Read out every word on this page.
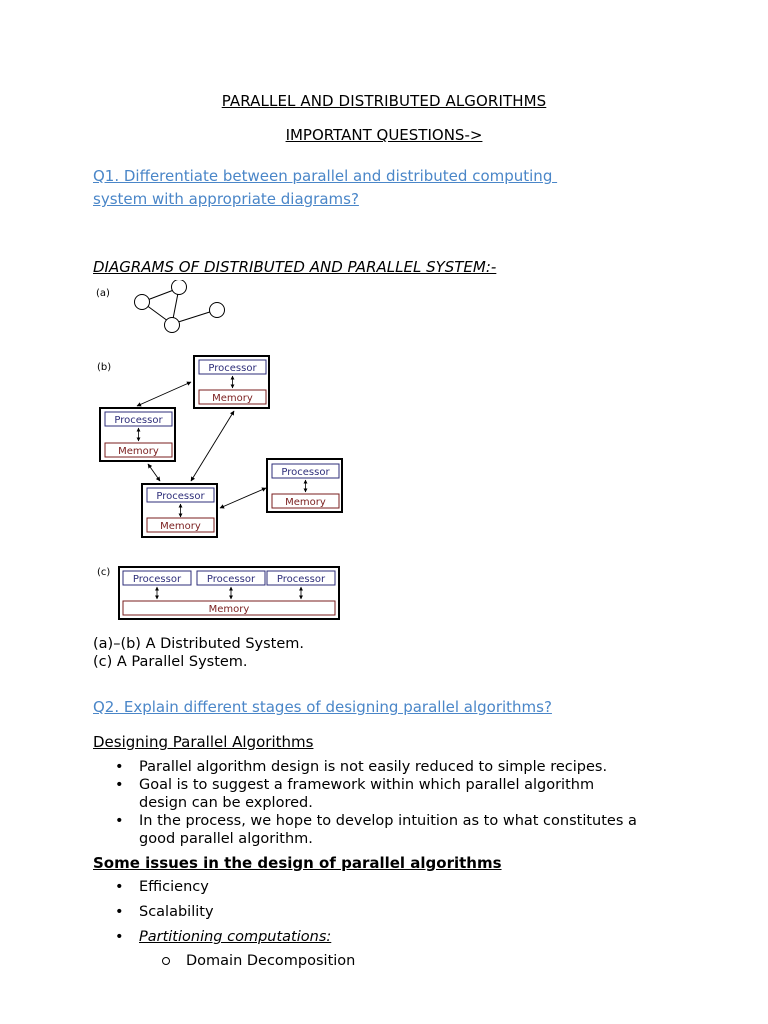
PARALLEL AND DISTRIBUTED ALGORITHMS
IMPORTANT QUESTIONS->
Q1. Differentiate between parallel and distributed computing
system with appropriate diagrams?
DIAGRAMS OF DISTRIBUTED AND PARALLEL SYSTEM:-
(a)
(b)	Processor
Memory
Processor
Memory
Processor
Memory
Processor
Memory
(c)
Processor	Processor Processor
Memory
(a)–(b) A Distributed System.
(c) A Parallel System.
Q2. Explain different stages of designing parallel algorithms?
Designing Parallel Algorithms
• Parallel algorithm design is not easily reduced to simple recipes.
• Goal is to suggest a framework within which parallel algorithm
design can be explored.
• In the process, we hope to develop intuition as to what constitutes a
good parallel algorithm.
Some issues in the design of parallel algorithms
• Efficiency
• Scalability
• Partitioning computations:
Domain Decomposition
